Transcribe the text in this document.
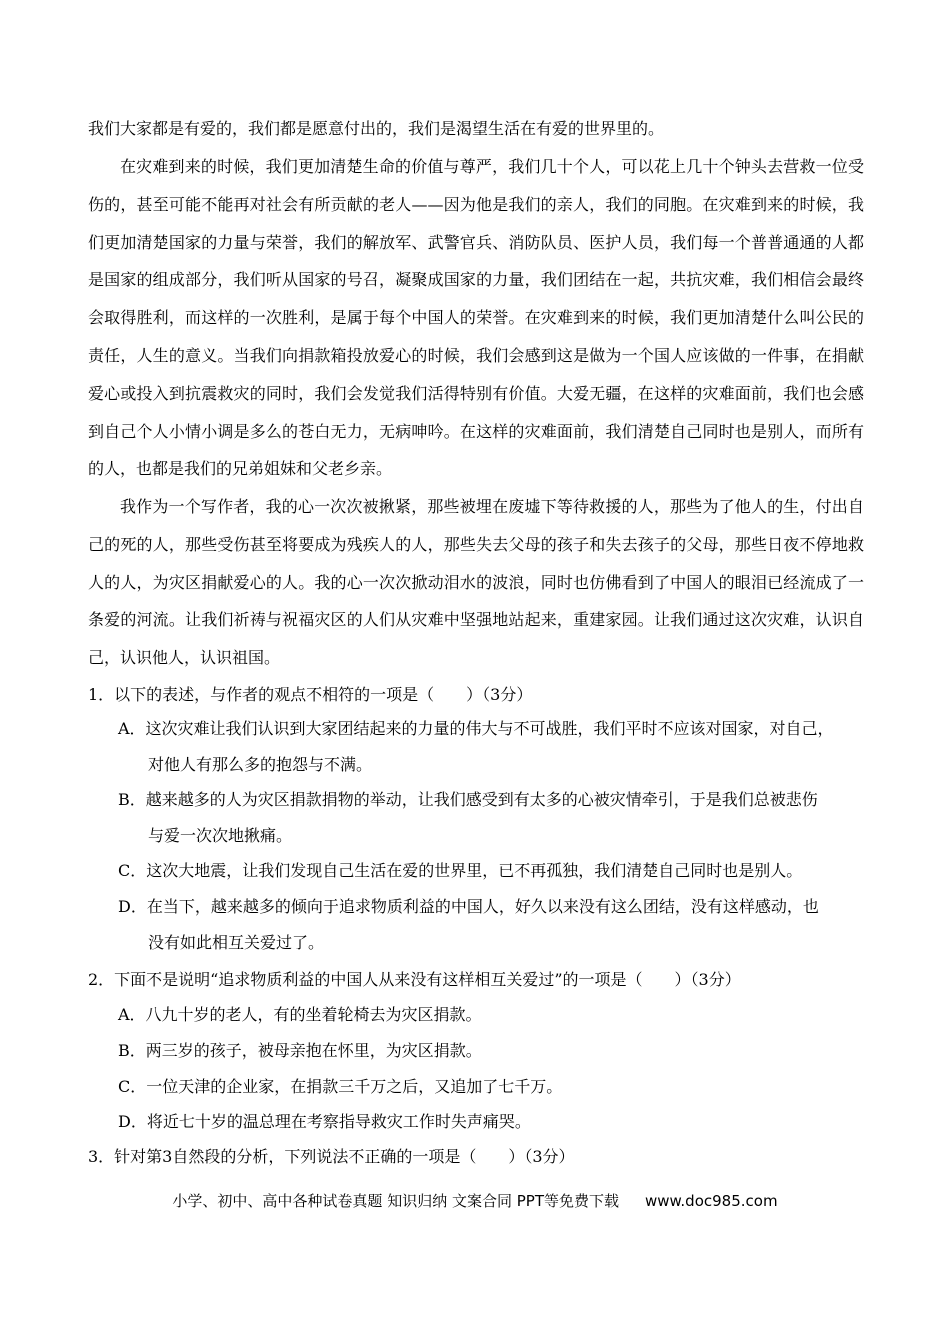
我们大家都是有爱的，我们都是愿意付出的，我们是渴望生活在有爱的世界里的。

在灾难到来的时候，我们更加清楚生命的价值与尊严，我们几十个人，可以花上几十个钟头去营救一位受伤的，甚至可能不能再对社会有所贡献的老人——因为他是我们的亲人，我们的同胞。在灾难到来的时候，我们更加清楚国家的力量与荣誉，我们的解放军、武警官兵、消防队员、医护人员，我们每一个普普通通的人都是国家的组成部分，我们听从国家的号召，凝聚成国家的力量，我们团结在一起，共抗灾难，我们相信会最终会取得胜利，而这样的一次胜利，是属于每个中国人的荣誉。在灾难到来的时候，我们更加清楚什么叫公民的责任，人生的意义。当我们向捐款箱投放爱心的时候，我们会感到这是做为一个国人应该做的一件事，在捐献爱心或投入到抗震救灾的同时，我们会发觉我们活得特别有价值。大爱无疆，在这样的灾难面前，我们也会感到自己个人小情小调是多么的苍白无力，无病呻吟。在这样的灾难面前，我们清楚自己同时也是别人，而所有的人，也都是我们的兄弟姐妹和父老乡亲。

我作为一个写作者，我的心一次次被揪紧，那些被埋在废墟下等待救援的人，那些为了他人的生，付出自己的死的人，那些受伤甚至将要成为残疾人的人，那些失去父母的孩子和失去孩子的父母，那些日夜不停地救人的人，为灾区捐献爱心的人。我的心一次次掀动泪水的波浪，同时也仿佛看到了中国人的眼泪已经流成了一条爱的河流。让我们祈祷与祝福灾区的人们从灾难中坚强地站起来，重建家园。让我们通过这次灾难，认识自己，认识他人，认识祖国。

1．以下的表述，与作者的观点不相符的一项是（　　）（3分）

A．这次灾难让我们认识到大家团结起来的力量的伟大与不可战胜，我们平时不应该对国家，对自己，
对他人有那么多的抱怨与不满。
B．越来越多的人为灾区捐款捐物的举动，让我们感受到有太多的心被灾情牵引，于是我们总被悲伤
与爱一次次地揪痛。
C．这次大地震，让我们发现自己生活在爱的世界里，已不再孤独，我们清楚自己同时也是别人。
D．在当下，越来越多的倾向于追求物质利益的中国人，好久以来没有这么团结，没有这样感动，也
没有如此相互关爱过了。

2．下面不是说明“追求物质利益的中国人从来没有这样相互关爱过”的一项是（　　）（3分）

A．八九十岁的老人，有的坐着轮椅去为灾区捐款。
B．两三岁的孩子，被母亲抱在怀里，为灾区捐款。
C．一位天津的企业家，在捐款三千万之后，又追加了七千万。
D．将近七十岁的温总理在考察指导救灾工作时失声痛哭。

3．针对第3自然段的分析，下列说法不正确的一项是（　　）（3分）

小学、初中、高中各种试卷真题 知识归纳 文案合同 PPT等免费下载 www.doc985.com
